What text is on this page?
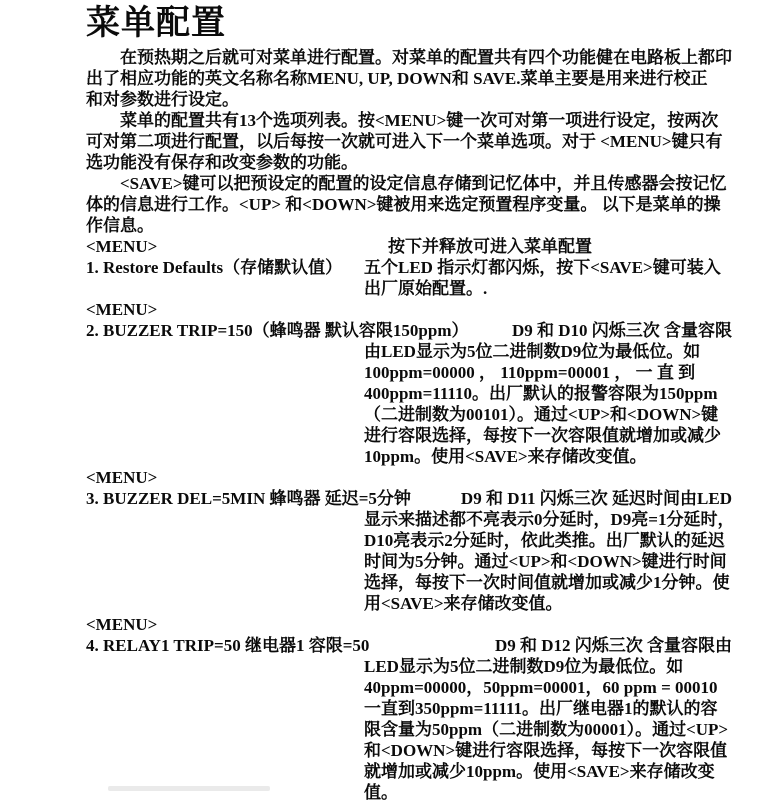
菜单配置
在预热期之后就可对菜单进行配置。对菜单的配置共有四个功能健在电路板上都印
出了相应功能的英文名称名称MENU, UP, DOWN和 SAVE.菜单主要是用来进行校正
和对参数进行设定。
菜单的配置共有13个选项列表。按<MENU>键一次可对第一项进行设定，按两次
可对第二项进行配置，以后每按一次就可进入下一个菜单选项。对于 <MENU>键只有
选功能没有保存和改变参数的功能。
<SAVE>键可以把预设定的配置的设定信息存储到记忆体中，并且传感器会按记忆
体的信息进行工作。<UP> 和<DOWN>键被用来选定预置程序变量。 以下是菜单的操
作信息。
<MENU>	按下并释放可进入菜单配置
1. Restore Defaults（存储默认值）	五个LED 指示灯都闪烁，按下<SAVE>键可装入
出厂原始配置。.
<MENU>
2. BUZZER TRIP=150（蜂鸣器 默认容限150ppm）	D9 和 D10 闪烁三次 含量容限
由LED显示为5位二进制数D9位为最低位。如
100ppm=00000 ， 110ppm=00001 ， 一 直 到
400ppm=11110。出厂默认的报警容限为150ppm
（二进制数为00101）。通过<UP>和<DOWN>键
进行容限选择，每按下一次容限值就增加或减少
10ppm。使用<SAVE>来存储改变值。
<MENU>
3. BUZZER DEL=5MIN 蜂鸣器 延迟=5分钟	D9 和 D11 闪烁三次 延迟时间由LED
显示来描述都不亮表示0分延时，D9亮=1分延时，
D10亮表示2分延时，依此类推。出厂默认的延迟
时间为5分钟。通过<UP>和<DOWN>键进行时间
选择，每按下一次时间值就增加或减少1分钟。使
用<SAVE>来存储改变值。
<MENU>
4. RELAY1 TRIP=50 继电器1 容限=50	D9 和 D12 闪烁三次 含量容限由
LED显示为5位二进制数D9位为最低位。如
40ppm=00000，50ppm=00001，60 ppm = 00010
一直到350ppm=11111。出厂继电器1的默认的容
限含量为50ppm（二进制数为00001）。通过<UP>
和<DOWN>键进行容限选择，每按下一次容限值
就增加或减少10ppm。使用<SAVE>来存储改变
值。
